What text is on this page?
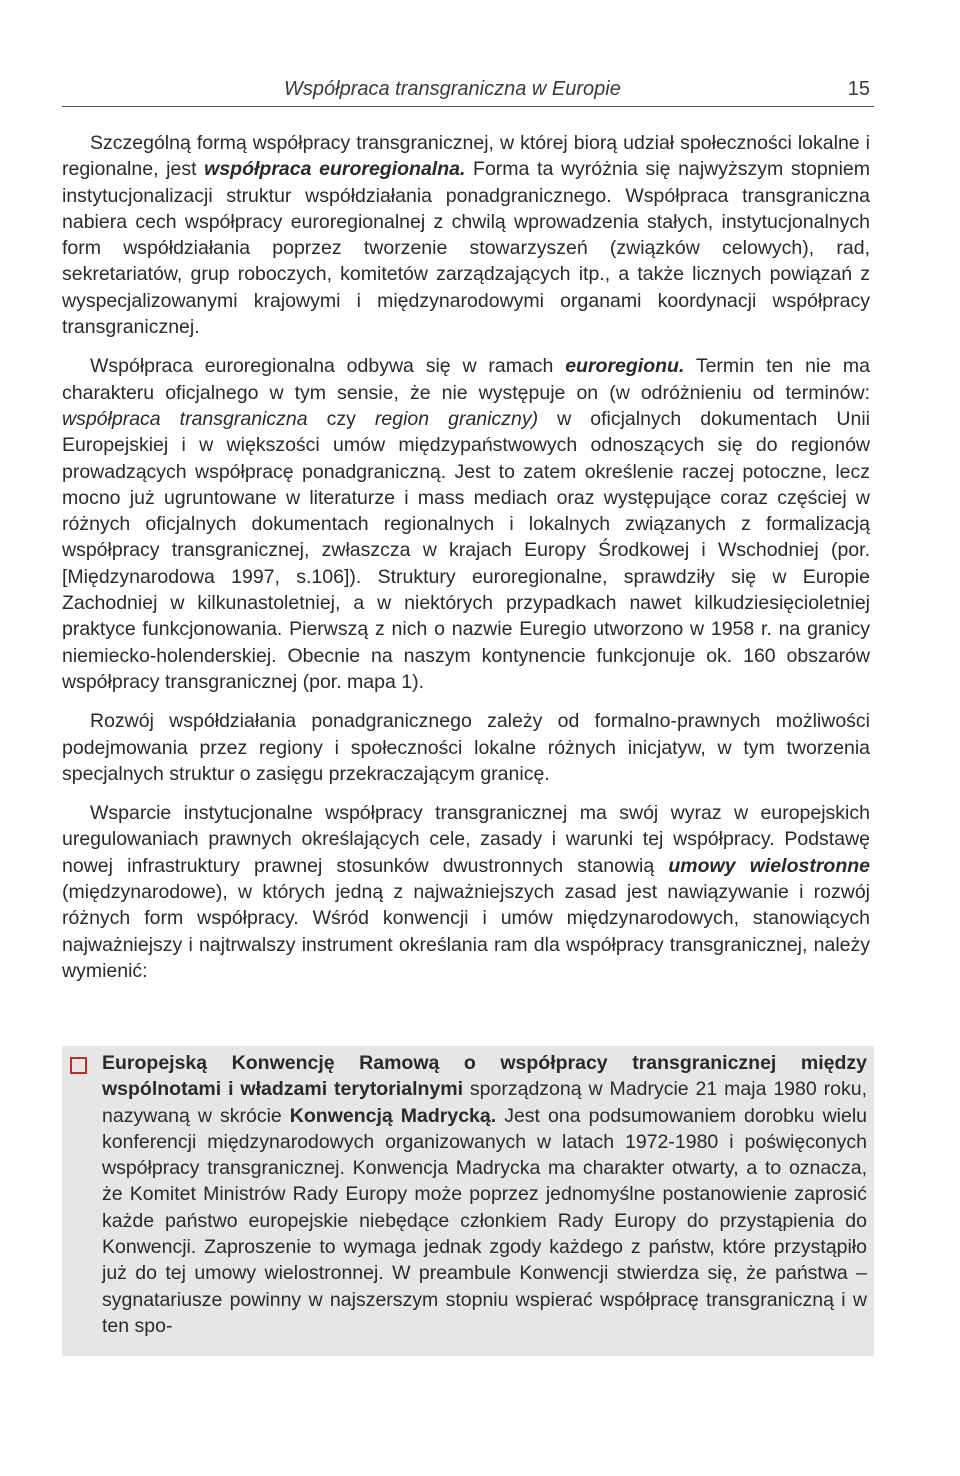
Współpraca transgraniczna w Europie	15

Szczególną formą współpracy transgranicznej, w której biorą udział społeczności lokalne i regionalne, jest współpraca euroregionalna. Forma ta wyróżnia się najwyższym stopniem instytucjonalizacji struktur współdziałania ponadgranicznego. Współpraca transgraniczna nabiera cech współpracy euroregionalnej z chwilą wprowadzenia stałych, instytucjonalnych form współdziałania poprzez tworzenie stowarzyszeń (związków celowych), rad, sekretariatów, grup roboczych, komitetów zarządzających itp., a także licznych powiązań z wyspecjalizowanymi krajowymi i międzynarodowymi organami koordynacji współpracy transgranicznej.

Współpraca euroregionalna odbywa się w ramach euroregionu. Termin ten nie ma charakteru oficjalnego w tym sensie, że nie występuje on (w odróżnieniu od terminów: współpraca transgraniczna czy region graniczny) w oficjalnych dokumentach Unii Europejskiej i w większości umów międzypaństwowych odnoszących się do regionów prowadzących współpracę ponadgraniczną. Jest to zatem określenie raczej potoczne, lecz mocno już ugruntowane w literaturze i mass mediach oraz występujące coraz częściej w różnych oficjalnych dokumentach regionalnych i lokalnych związanych z formalizacją współpracy transgranicznej, zwłaszcza w krajach Europy Środkowej i Wschodniej (por. [Międzynarodowa 1997, s.106]). Struktury euroregionalne, sprawdziły się w Europie Zachodniej w kilkunastoletniej, a w niektórych przypadkach nawet kilkudziesięcioletniej praktyce funkcjonowania. Pierwszą z nich o nazwie Euregio utworzono w 1958 r. na granicy niemiecko-holenderskiej. Obecnie na naszym kontynencie funkcjonuje ok. 160 obszarów współpracy transgranicznej (por. mapa 1).

Rozwój współdziałania ponadgranicznego zależy od formalno-prawnych możliwości podejmowania przez regiony i społeczności lokalne różnych inicjatyw, w tym tworzenia specjalnych struktur o zasięgu przekraczającym granicę.

Wsparcie instytucjonalne współpracy transgranicznej ma swój wyraz w europejskich uregulowaniach prawnych określających cele, zasady i warunki tej współpracy. Podstawę nowej infrastruktury prawnej stosunków dwustronnych stanowią umowy wielostronne (międzynarodowe), w których jedną z najważniejszych zasad jest nawiązywanie i rozwój różnych form współpracy. Wśród konwencji i umów międzynarodowych, stanowiących najważniejszy i najtrwalszy instrument określania ram dla współpracy transgranicznej, należy wymienić:

Europejską Konwencję Ramową o współpracy transgranicznej między wspólnotami i władzami terytorialnymi sporządzoną w Madrycie 21 maja 1980 roku, nazywaną w skrócie Konwencją Madrycką. Jest ona podsumowaniem dorobku wielu konferencji międzynarodowych organizowanych w latach 1972-1980 i poświęconych współpracy transgranicznej. Konwencja Madrycka ma charakter otwarty, a to oznacza, że Komitet Ministrów Rady Europy może poprzez jednomyślne postanowienie zaprosić każde państwo europejskie niebędące członkiem Rady Europy do przystąpienia do Konwencji. Zaproszenie to wymaga jednak zgody każdego z państw, które przystąpiło już do tej umowy wielostronnej. W preambule Konwencji stwierdza się, że państwa – sygnatariusze powinny w najszerszym stopniu wspierać współpracę transgraniczną i w ten spo-
